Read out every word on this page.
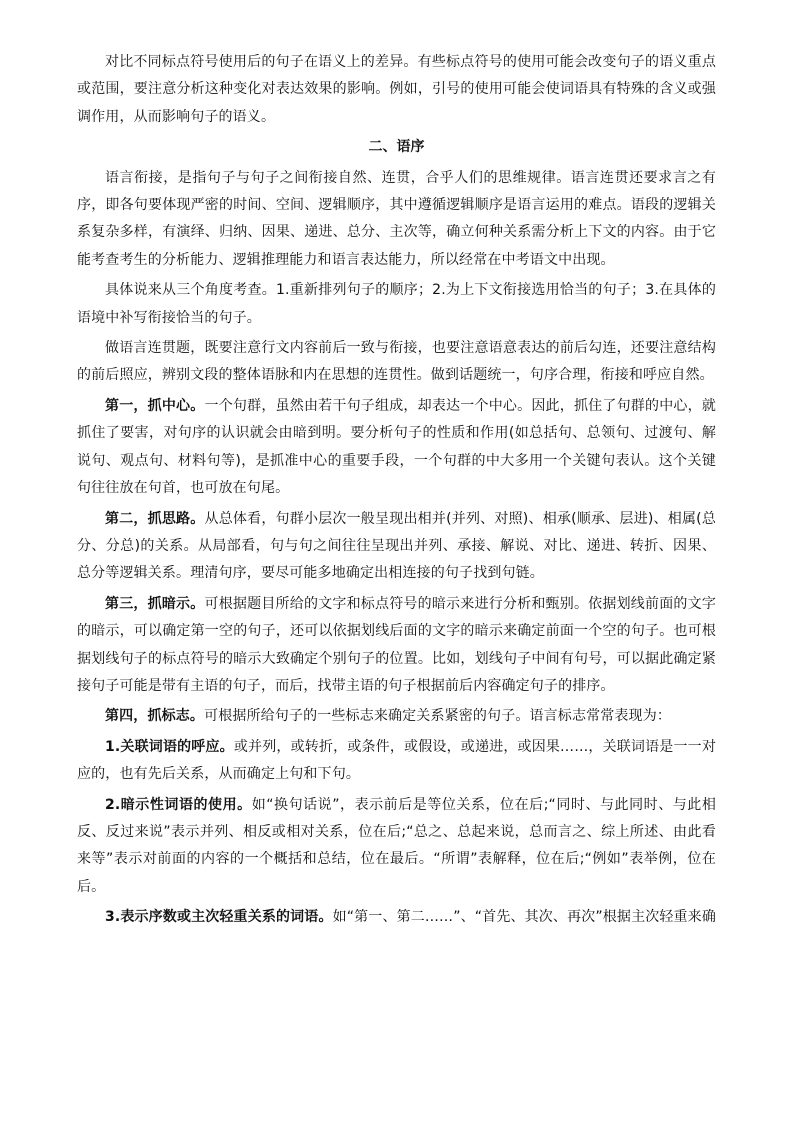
对比不同标点符号使用后的句子在语义上的差异。有些标点符号的使用可能会改变句子的语义重点或范围，要注意分析这种变化对表达效果的影响。例如，引号的使用可能会使词语具有特殊的含义或强调作用，从而影响句子的语义。

二、语序

语言衔接，是指句子与句子之间衔接自然、连贯，合乎人们的思维规律。语言连贯还要求言之有序，即各句要体现严密的时间、空间、逻辑顺序，其中遵循逻辑顺序是语言运用的难点。语段的逻辑关系复杂多样，有演绎、归纳、因果、递进、总分、主次等，确立何种关系需分析上下文的内容。由于它能考查考生的分析能力、逻辑推理能力和语言表达能力，所以经常在中考语文中出现。

具体说来从三个角度考查。1.重新排列句子的顺序；2.为上下文衔接选用恰当的句子；3.在具体的语境中补写衔接恰当的句子。

做语言连贯题，既要注意行文内容前后一致与衔接，也要注意语意表达的前后勾连，还要注意结构的前后照应，辨别文段的整体语脉和内在思想的连贯性。做到话题统一，句序合理，衔接和呼应自然。

第一，抓中心。一个句群，虽然由若干句子组成，却表达一个中心。因此，抓住了句群的中心，就抓住了要害，对句序的认识就会由暗到明。要分析句子的性质和作用(如总括句、总领句、过渡句、解说句、观点句、材料句等)，是抓准中心的重要手段，一个句群的中大多用一个关键句表认。这个关键句往往放在句首，也可放在句尾。

第二，抓思路。从总体看，句群小层次一般呈现出相并(并列、对照)、相承(顺承、层进)、相属(总分、分总)的关系。从局部看，句与句之间往往呈现出并列、承接、解说、对比、递进、转折、因果、总分等逻辑关系。理清句序，要尽可能多地确定出相连接的句子找到句链。

第三，抓暗示。可根据题目所给的文字和标点符号的暗示来进行分析和甄别。依据划线前面的文字的暗示，可以确定第一空的句子，还可以依据划线后面的文字的暗示来确定前面一个空的句子。也可根据划线句子的标点符号的暗示大致确定个别句子的位置。比如，划线句子中间有句号，可以据此确定紧接句子可能是带有主语的句子，而后，找带主语的句子根据前后内容确定句子的排序。

第四，抓标志。可根据所给句子的一些标志来确定关系紧密的句子。语言标志常常表现为：

1.关联词语的呼应。或并列，或转折，或条件，或假设，或递进，或因果……，关联词语是一一对应的，也有先后关系，从而确定上句和下句。

2.暗示性词语的使用。如“换句话说”，表示前后是等位关系，位在后;“同时、与此同时、与此相反、反过来说”表示并列、相反或相对关系，位在后;“总之、总起来说，总而言之、综上所述、由此看来等”表示对前面的内容的一个概括和总结，位在最后。“所谓”表解释，位在后;“例如”表举例，位在后。

3.表示序数或主次轻重关系的词语。如“第一、第二……”、“首先、其次、再次”根据主次轻重来确
